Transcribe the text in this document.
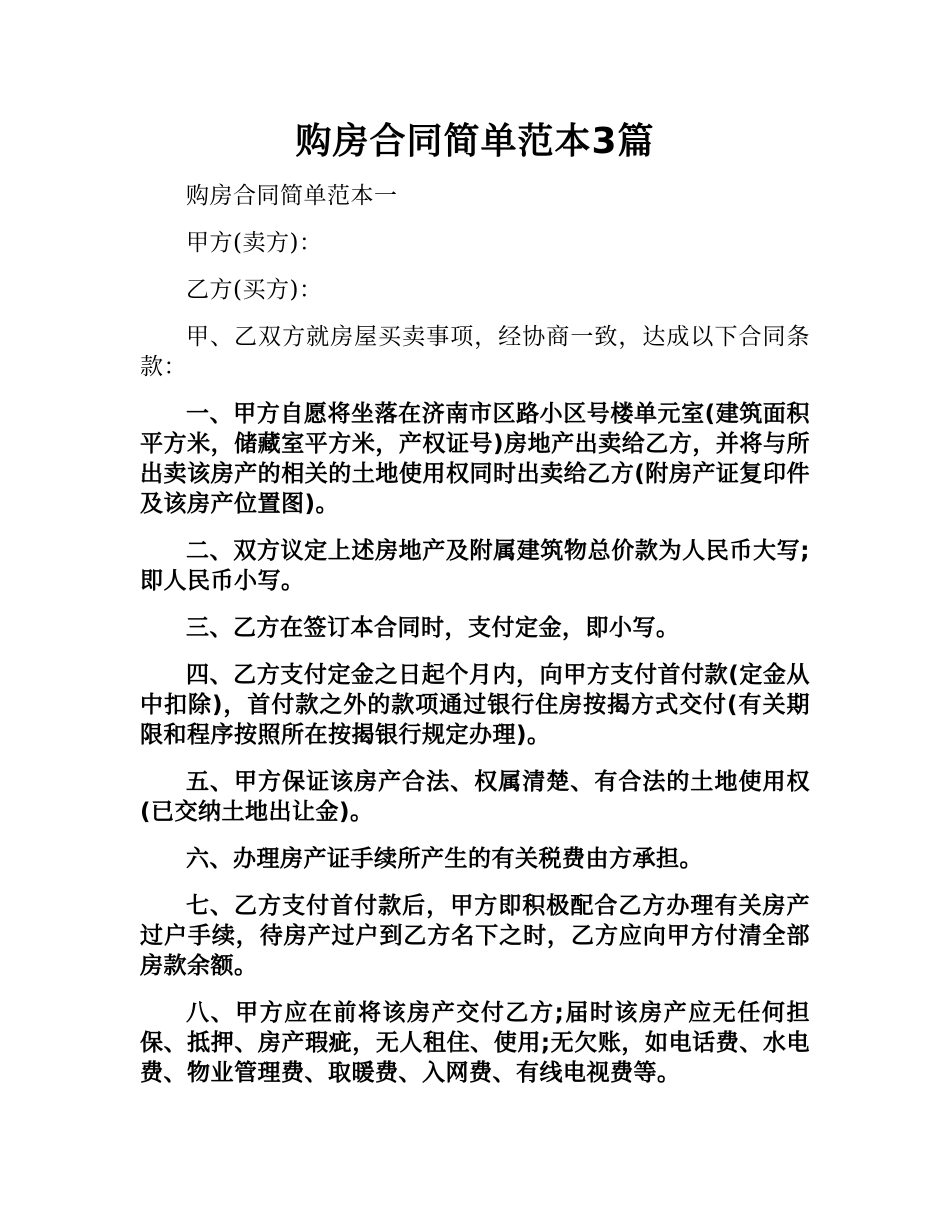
购房合同简单范本3篇

购房合同简单范本一

甲方(卖方)：

乙方(买方)：

甲、乙双方就房屋买卖事项，经协商一致，达成以下合同条款：

一、甲方自愿将坐落在济南市区路小区号楼单元室(建筑面积平方米，储藏室平方米，产权证号)房地产出卖给乙方，并将与所出卖该房产的相关的土地使用权同时出卖给乙方(附房产证复印件及该房产位置图)。

二、双方议定上述房地产及附属建筑物总价款为人民币大写;即人民币小写。

三、乙方在签订本合同时，支付定金，即小写。

四、乙方支付定金之日起个月内，向甲方支付首付款(定金从中扣除)，首付款之外的款项通过银行住房按揭方式交付(有关期限和程序按照所在按揭银行规定办理)。

五、甲方保证该房产合法、权属清楚、有合法的土地使用权(已交纳土地出让金)。

六、办理房产证手续所产生的有关税费由方承担。

七、乙方支付首付款后，甲方即积极配合乙方办理有关房产过户手续，待房产过户到乙方名下之时，乙方应向甲方付清全部房款余额。

八、甲方应在前将该房产交付乙方;届时该房产应无任何担保、抵押、房产瑕疵，无人租住、使用;无欠账，如电话费、水电费、物业管理费、取暖费、入网费、有线电视费等。
